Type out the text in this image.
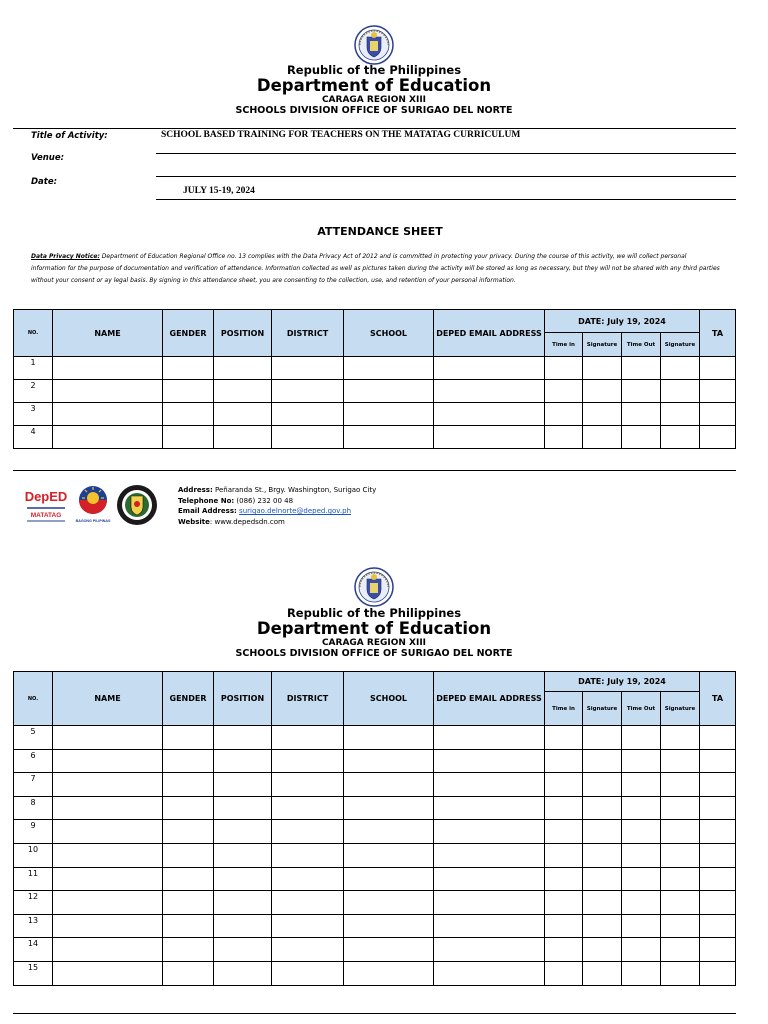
Republic of the Philippines
Department of Education
CARAGA REGION XIII
SCHOOLS DIVISION OFFICE OF SURIGAO DEL NORTE
Title of Activity:	SCHOOL BASED TRAINING FOR TEACHERS ON THE MATATAG CURRICULUM
Venue:
Date:
JULY 15-19, 2024
ATTENDANCE SHEET
Data Privacy Notice: Department of Education Regional Office no. 13 complies with the Data Privacy Act of 2012 and is committed in protecting your privacy. During the course of this activity, we will collect personal information for the purpose of documentation and verification of attendance. Information collected as well as pictures taken during the activity will be stored as long as necessary, but they will not be shared with any third parties without your consent or ay legal basis. By signing in this attendance sheet, you are consenting to the collection, use, and retention of your personal information.
NO.	NAME	GENDER	POSITION	DISTRICT	SCHOOL	DEPED EMAIL ADDRESS	DATE: July 19, 2024				TA
							Time in	Signature	Time Out	Signature	
1											
2											
3											
4											
DepED
MATATAG
BAGONG PILIPINAS
Address: Peñaranda St., Brgy. Washington, Surigao City
Telephone No: (086) 232 00 48
Email Address: surigao.delnorte@deped.gov.ph
Website: www.depedsdn.com
Republic of the Philippines
Department of Education
CARAGA REGION XIII
SCHOOLS DIVISION OFFICE OF SURIGAO DEL NORTE
NO.	NAME	GENDER	POSITION	DISTRICT	SCHOOL	DEPED EMAIL ADDRESS	DATE: July 19, 2024				TA
							Time in	Signature	Time Out	Signature	
5											
6											
7											
8											
9											
10											
11											
12											
13											
14											
15											
